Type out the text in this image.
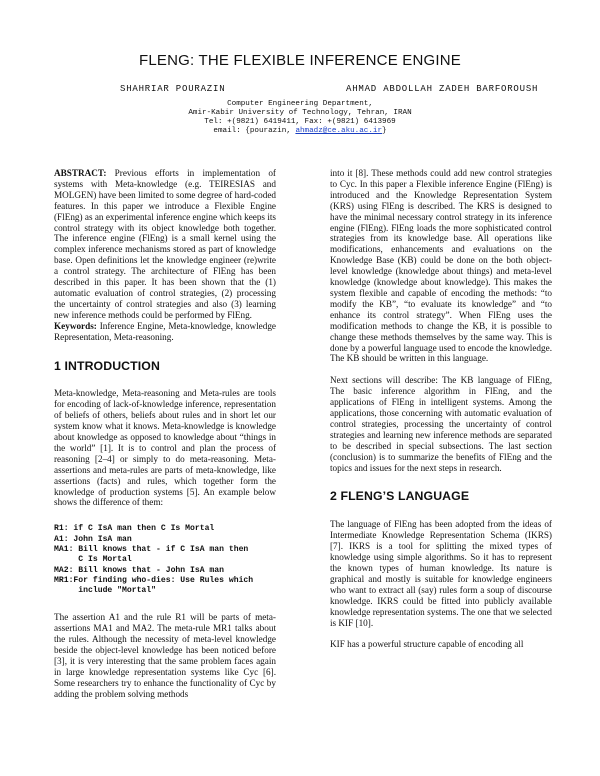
FLENG: THE FLEXIBLE INFERENCE ENGINE
SHAHRIAR POURAZIN	AHMAD ABDOLLAH ZADEH BARFOROUSH
Computer Engineering Department,
Amir-Kabir University of Technology, Tehran, IRAN
Tel: +(9821) 6419411, Fax: +(9821) 6413969
email: {pourazin, ahmadz@ce.aku.ac.ir}

ABSTRACT: Previous efforts in implementation of systems with Meta-knowledge (e.g. TEIRESIAS and MOLGEN) have been limited to some degree of hard-coded features. In this paper we introduce a Flexible Engine (FlEng) as an experimental inference engine which keeps its control strategy with its object knowledge both together. The inference engine (FlEng) is a small kernel using the complex inference mechanisms stored as part of knowledge base. Open definitions let the knowledge engineer (re)write a control strategy. The architecture of FlEng has been described in this paper. It has been shown that the (1) automatic evaluation of control strategies, (2) processing the uncertainty of control strategies and also (3) learning new inference methods could be performed by FlEng.

Keywords: Inference Engine, Meta-knowledge, knowledge Representation, Meta-reasoning.

1 INTRODUCTION

Meta-knowledge, Meta-reasoning and Meta-rules are tools for encoding of lack-of-knowledge inference, representation of beliefs of others, beliefs about rules and in short let our system know what it knows. Meta-knowledge is knowledge about knowledge as opposed to knowledge about “things in the world” [1]. It is to control and plan the process of reasoning [2–4] or simply to do meta-reasoning. Meta-assertions and meta-rules are parts of meta-knowledge, like assertions (facts) and rules, which together form the knowledge of production systems [5]. An example below shows the difference of them:

R1: if C IsA man then C Is Mortal
A1: John IsA man
MA1: Bill knows that - if C IsA man then
C Is Mortal
MA2: Bill knows that - John IsA man
MR1:For finding who-dies: Use Rules which
include "Mortal"

The assertion A1 and the rule R1 will be parts of meta-assertions MA1 and MA2. The meta-rule MR1 talks about the rules. Although the necessity of meta-level knowledge beside the object-level knowledge has been noticed before [3], it is very interesting that the same problem faces again in large knowledge representation systems like Cyc [6]. Some researchers try to enhance the functionality of Cyc by adding the problem solving methods

into it [8]. These methods could add new control strategies to Cyc. In this paper a Flexible inference Engine (FlEng) is introduced and the Knowledge Representation System (KRS) using FlEng is described. The KRS is designed to have the minimal necessary control strategy in its inference engine (FlEng). FlEng loads the more sophisticated control strategies from its knowledge base. All operations like modifications, enhancements and evaluations on the Knowledge Base (KB) could be done on the both object-level knowledge (knowledge about things) and meta-level knowledge (knowledge about knowledge). This makes the system flexible and capable of encoding the methods: “to modify the KB”, “to evaluate its knowledge” and “to enhance its control strategy”. When FlEng uses the modification methods to change the KB, it is possible to change these methods themselves by the same way. This is done by a powerful language used to encode the knowledge. The KB should be written in this language.

Next sections will describe: The KB language of FlEng, The basic inference algorithm in FlEng, and the applications of FlEng in intelligent systems. Among the applications, those concerning with automatic evaluation of control strategies, processing the uncertainty of control strategies and learning new inference methods are separated to be described in special subsections. The last section (conclusion) is to summarize the benefits of FlEng and the topics and issues for the next steps in research.

2 FLENG’S LANGUAGE

The language of FlEng has been adopted from the ideas of Intermediate Knowledge Representation Schema (IKRS) [7]. IKRS is a tool for splitting the mixed types of knowledge using simple algorithms. So it has to represent the known types of human knowledge. Its nature is graphical and mostly is suitable for knowledge engineers who want to extract all (say) rules form a soup of discourse knowledge. IKRS could be fitted into publicly available knowledge representation systems. The one that we selected is KIF [10].

KIF has a powerful structure capable of encoding all
